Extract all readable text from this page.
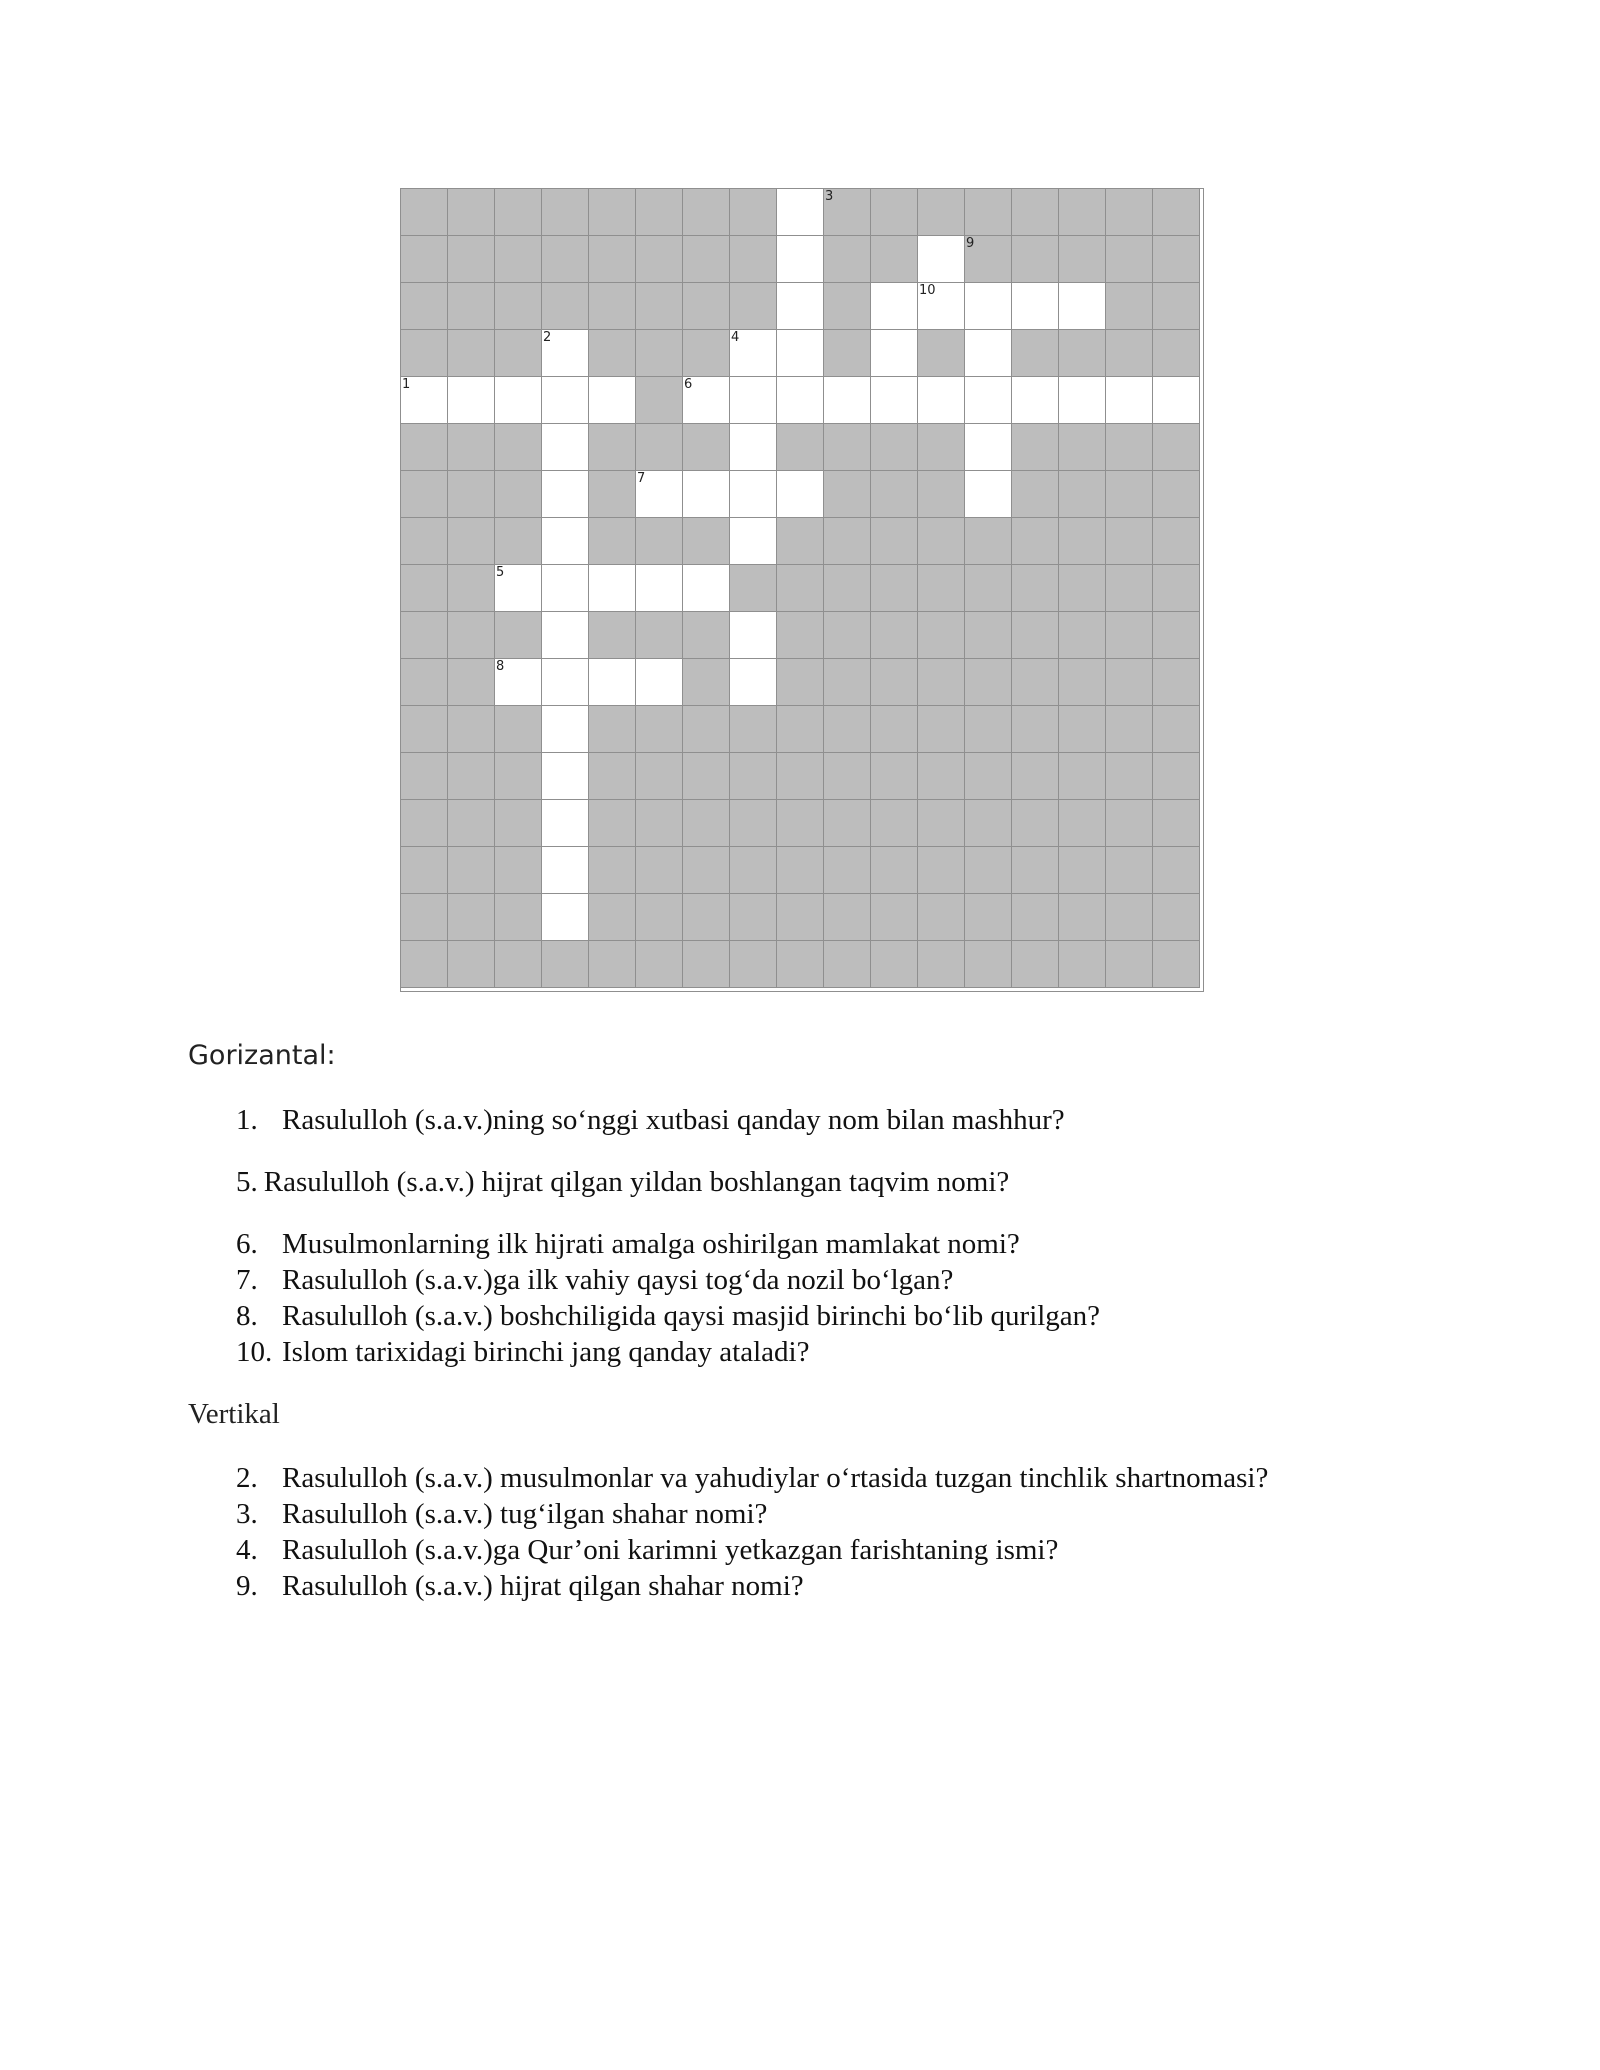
3
9
10
2	4
1	6
7
5
8
Gorizantal:
1. Rasululloh (s.a.v.)ning so‘nggi xutbasi qanday nom bilan mashhur?
5. Rasululloh (s.a.v.) hijrat qilgan yildan boshlangan taqvim nomi?
6. Musulmonlarning ilk hijrati amalga oshirilgan mamlakat nomi?
7. Rasululloh (s.a.v.)ga ilk vahiy qaysi tog‘da nozil bo‘lgan?
8. Rasululloh (s.a.v.) boshchiligida qaysi masjid birinchi bo‘lib qurilgan?
10. Islom tarixidagi birinchi jang qanday ataladi?
Vertikal
2. Rasululloh (s.a.v.) musulmonlar va yahudiylar o‘rtasida tuzgan tinchlik shartnomasi?
3. Rasululloh (s.a.v.) tug‘ilgan shahar nomi?
4. Rasululloh (s.a.v.)ga Qur’oni karimni yetkazgan farishtaning ismi?
9. Rasululloh (s.a.v.) hijrat qilgan shahar nomi?
